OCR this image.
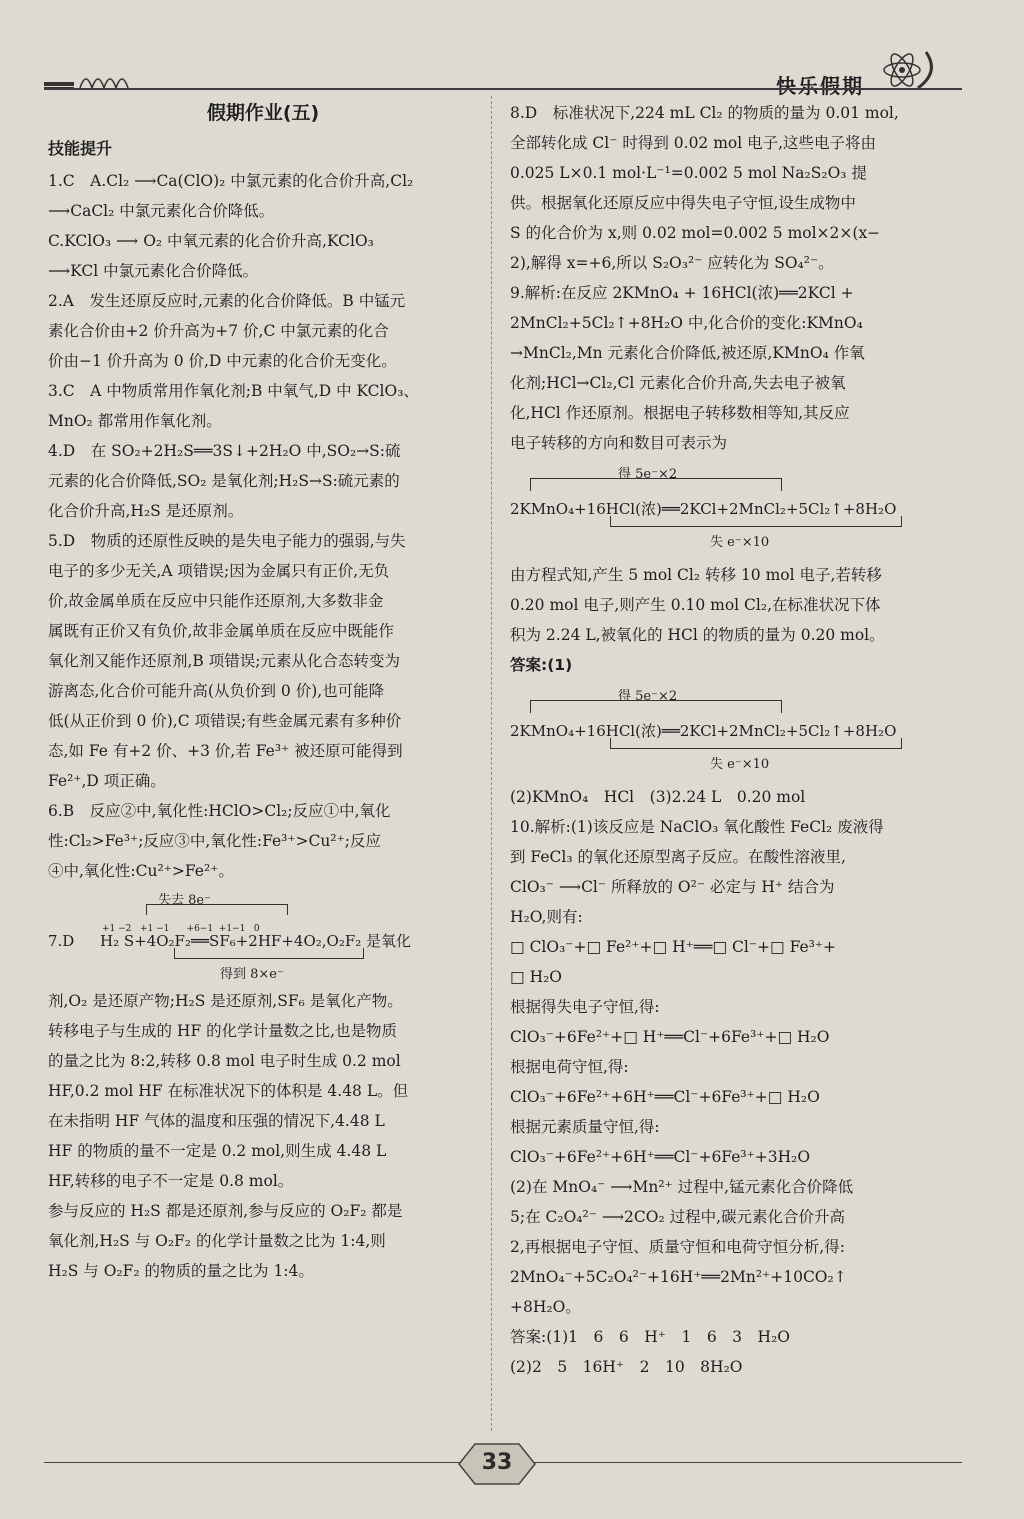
快乐假期
假期作业(五)
技能提升
1.C　A.Cl₂ ⟶Ca(ClO)₂ 中氯元素的化合价升高,Cl₂
⟶CaCl₂ 中氯元素化合价降低。
C.KClO₃ ⟶ O₂ 中氧元素的化合价升高,KClO₃
⟶KCl 中氯元素化合价降低。
2.A　发生还原反应时,元素的化合价降低。B 中锰元
素化合价由+2 价升高为+7 价,C 中氯元素的化合
价由−1 价升高为 0 价,D 中元素的化合价无变化。
3.C　A 中物质常用作氧化剂;B 中氧气,D 中 KClO₃、
MnO₂ 都常用作氧化剂。
4.D　在 SO₂+2H₂S══3S↓+2H₂O 中,SO₂→S:硫
元素的化合价降低,SO₂ 是氧化剂;H₂S→S:硫元素的
化合价升高,H₂S 是还原剂。
5.D　物质的还原性反映的是失电子能力的强弱,与失
电子的多少无关,A 项错误;因为金属只有正价,无负
价,故金属单质在反应中只能作还原剂,大多数非金
属既有正价又有负价,故非金属单质在反应中既能作
氧化剂又能作还原剂,B 项错误;元素从化合态转变为
游离态,化合价可能升高(从负价到 0 价),也可能降
低(从正价到 0 价),C 项错误;有些金属元素有多种价
态,如 Fe 有+2 价、+3 价,若 Fe³⁺ 被还原可能得到
Fe²⁺,D 项正确。
6.B　反应②中,氧化性:HClO>Cl₂;反应①中,氧化
性:Cl₂>Fe³⁺;反应③中,氧化性:Fe³⁺>Cu²⁺;反应
④中,氧化性:Cu²⁺>Fe²⁺。
失去 8e⁻
+1 −2   +1 −1      +6−1  +1−1   0
7.D H₂ S+4O₂F₂══SF₆+2HF+4O₂,O₂F₂ 是氧化
得到 8×e⁻
剂,O₂ 是还原产物;H₂S 是还原剂,SF₆ 是氧化产物。
转移电子与生成的 HF 的化学计量数之比,也是物质
的量之比为 8:2,转移 0.8 mol 电子时生成 0.2 mol
HF,0.2 mol HF 在标准状况下的体积是 4.48 L。但
在未指明 HF 气体的温度和压强的情况下,4.48 L
HF 的物质的量不一定是 0.2 mol,则生成 4.48 L
HF,转移的电子不一定是 0.8 mol。
参与反应的 H₂S 都是还原剂,参与反应的 O₂F₂ 都是
氧化剂,H₂S 与 O₂F₂ 的化学计量数之比为 1:4,则
H₂S 与 O₂F₂ 的物质的量之比为 1:4。
8.D　标准状况下,224 mL Cl₂ 的物质的量为 0.01 mol,
全部转化成 Cl⁻ 时得到 0.02 mol 电子,这些电子将由
0.025 L×0.1 mol·L⁻¹=0.002 5 mol Na₂S₂O₃ 提
供。根据氧化还原反应中得失电子守恒,设生成物中
S 的化合价为 x,则 0.02 mol=0.002 5 mol×2×(x−
2),解得 x=+6,所以 S₂O₃²⁻ 应转化为 SO₄²⁻。
9.解析:在反应 2KMnO₄ + 16HCl(浓)══2KCl +
2MnCl₂+5Cl₂↑+8H₂O 中,化合价的变化:KMnO₄
→MnCl₂,Mn 元素化合价降低,被还原,KMnO₄ 作氧
化剂;HCl→Cl₂,Cl 元素化合价升高,失去电子被氧
化,HCl 作还原剂。根据电子转移数相等知,其反应
电子转移的方向和数目可表示为
得 5e⁻×2
2KMnO₄+16HCl(浓)══2KCl+2MnCl₂+5Cl₂↑+8H₂O
失 e⁻×10
由方程式知,产生 5 mol Cl₂ 转移 10 mol 电子,若转移
0.20 mol 电子,则产生 0.10 mol Cl₂,在标准状况下体
积为 2.24 L,被氧化的 HCl 的物质的量为 0.20 mol。
答案:(1)
得 5e⁻×2
2KMnO₄+16HCl(浓)══2KCl+2MnCl₂+5Cl₂↑+8H₂O
失 e⁻×10
(2)KMnO₄　HCl　(3)2.24 L　0.20 mol
10.解析:(1)该反应是 NaClO₃ 氧化酸性 FeCl₂ 废液得
到 FeCl₃ 的氧化还原型离子反应。在酸性溶液里,
ClO₃⁻ ⟶Cl⁻ 所释放的 O²⁻ 必定与 H⁺ 结合为
H₂O,则有:
□ ClO₃⁻+□ Fe²⁺+□ H⁺══□ Cl⁻+□ Fe³⁺+
□ H₂O
根据得失电子守恒,得:
ClO₃⁻+6Fe²⁺+□ H⁺══Cl⁻+6Fe³⁺+□ H₂O
根据电荷守恒,得:
ClO₃⁻+6Fe²⁺+6H⁺══Cl⁻+6Fe³⁺+□ H₂O
根据元素质量守恒,得:
ClO₃⁻+6Fe²⁺+6H⁺══Cl⁻+6Fe³⁺+3H₂O
(2)在 MnO₄⁻ ⟶Mn²⁺ 过程中,锰元素化合价降低
5;在 C₂O₄²⁻ ⟶2CO₂ 过程中,碳元素化合价升高
2,再根据电子守恒、质量守恒和电荷守恒分析,得:
2MnO₄⁻+5C₂O₄²⁻+16H⁺══2Mn²⁺+10CO₂↑
+8H₂O。
答案:(1)1　6　6　H⁺　1　6　3　H₂O
(2)2　5　16H⁺　2　10　8H₂O
33
